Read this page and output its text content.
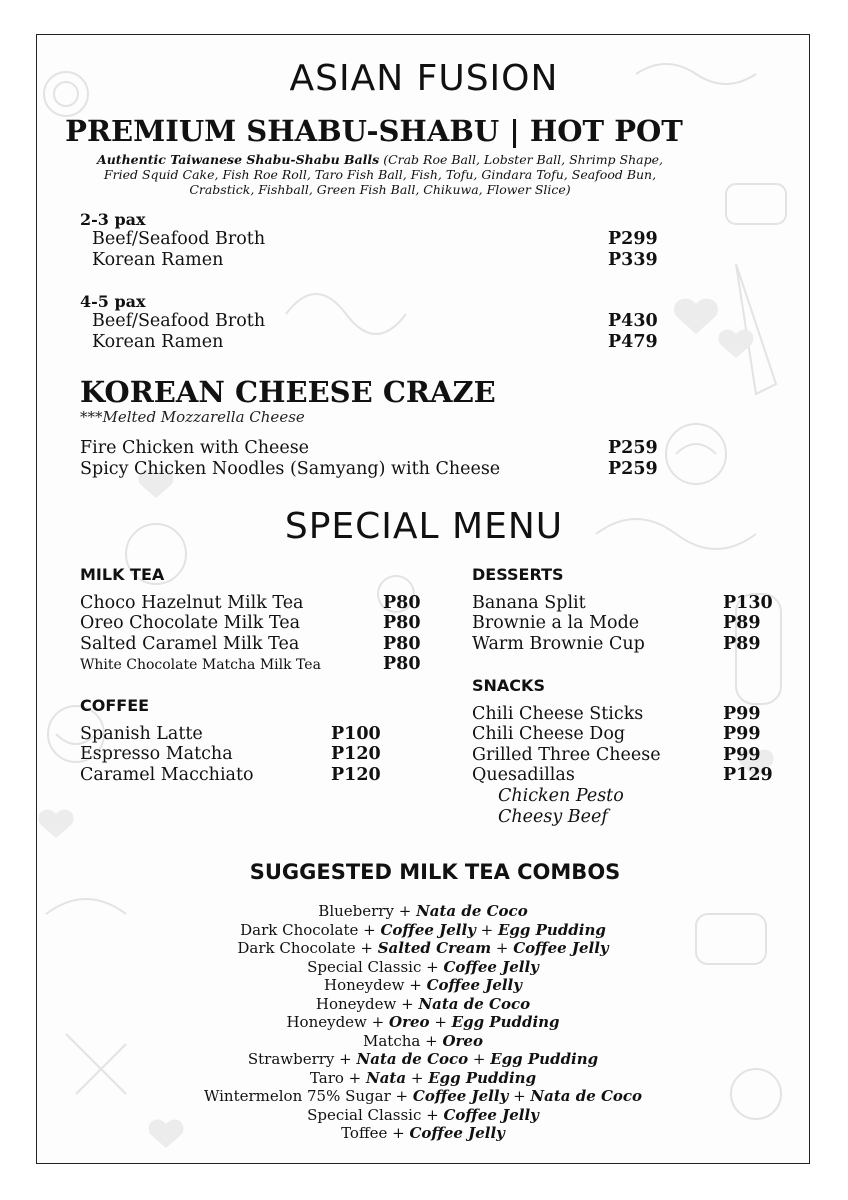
ASIAN FUSION
PREMIUM SHABU-SHABU | HOT POT
Authentic Taiwanese Shabu-Shabu Balls (Crab Roe Ball, Lobster Ball, Shrimp Shape, Fried Squid Cake, Fish Roe Roll, Taro Fish Ball, Fish, Tofu, Gindara Tofu, Seafood Bun, Crabstick, Fishball, Green Fish Ball, Chikuwa, Flower Slice)
2-3 pax
Beef/Seafood Broth	P299
Korean Ramen	P339
4-5 pax
Beef/Seafood Broth	P430
Korean Ramen	P479
KOREAN CHEESE CRAZE
***Melted Mozzarella Cheese
Fire Chicken with Cheese	P259
Spicy Chicken Noodles (Samyang) with Cheese	P259
SPECIAL MENU
MILK TEA
Choco Hazelnut Milk Tea	P80
Oreo Chocolate Milk Tea	P80
Salted Caramel Milk Tea	P80
White Chocolate Matcha Milk Tea	P80
COFFEE
Spanish Latte	P100
Espresso Matcha	P120
Caramel Macchiato	P120
DESSERTS
Banana Split	P130
Brownie a la Mode	P89
Warm Brownie Cup	P89
SNACKS
Chili Cheese Sticks	P99
Chili Cheese Dog	P99
Grilled Three Cheese	P99
Quesadillas	P129
Chicken Pesto
Cheesy Beef
SUGGESTED MILK TEA COMBOS
Blueberry + Nata de Coco
Dark Chocolate + Coffee Jelly + Egg Pudding
Dark Chocolate + Salted Cream + Coffee Jelly
Special Classic + Coffee Jelly
Honeydew + Coffee Jelly
Honeydew + Nata de Coco
Honeydew + Oreo + Egg Pudding
Matcha + Oreo
Strawberry + Nata de Coco + Egg Pudding
Taro + Nata + Egg Pudding
Wintermelon 75% Sugar + Coffee Jelly + Nata de Coco
Special Classic + Coffee Jelly
Toffee + Coffee Jelly
